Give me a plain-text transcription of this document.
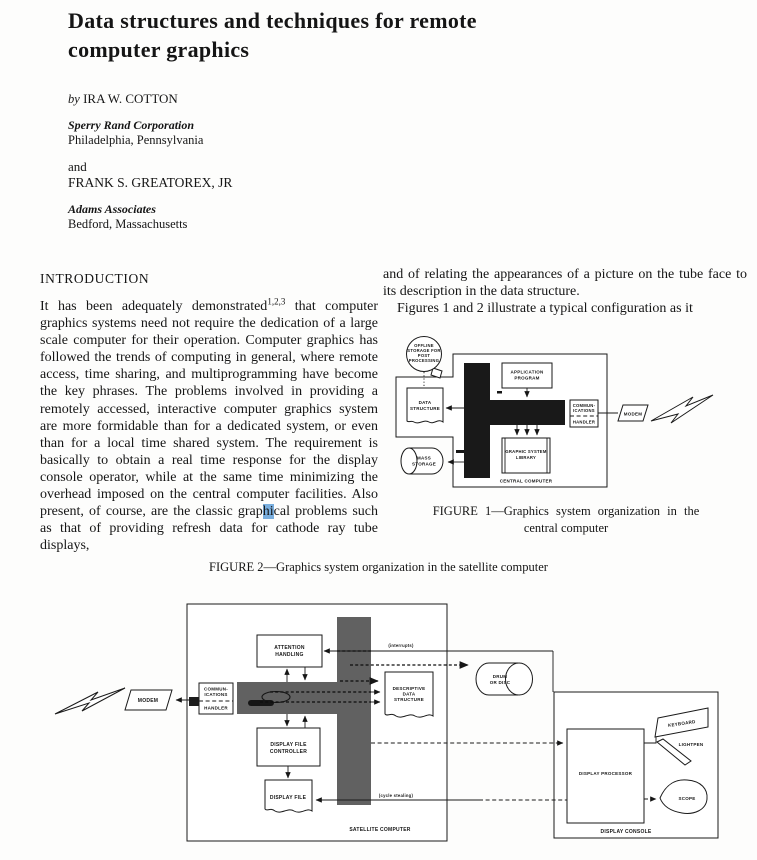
Data structures and techniques for remote
computer graphics
by IRA W. COTTON
Sperry Rand Corporation
Philadelphia, Pennsylvania
and
FRANK S. GREATOREX, JR
Adams Associates
Bedford, Massachusetts
INTRODUCTION

It has been adequately demonstrated$^{1,2,3}$ that computer graphics systems need not require the dedication of a large scale computer for their operation. Computer graphics has followed the trends of computing in general, where remote access, time sharing, and multiprogramming have become the key phrases. The problems involved in providing a remotely accessed, interactive computer graphics system are more formidable than for a dedicated system, or even than for a local time shared system. The requirement is basically to obtain a real time response for the display console operator, while at the same time minimizing the overhead imposed on the central computer facilities. Also present, of course, are the classic graphical problems such as that of providing refresh data for cathode ray tube displays,

and of relating the appearances of a picture on the tube face to its description in the data structure.

Figures 1 and 2 illustrate a typical configuration as it

OFFLINE
STORAGE FOR
POST
PROCESSING
DATA
STRUCTURE
APPLICATION
PROGRAM
COMMUN-
ICATIONS
HANDLER
MODEM
GRAPHIC SYSTEM
LIBRARY
MASS
STORAGE
CENTRAL COMPUTER
FIGURE 1—Graphics system organization in the
central computer
FIGURE 2—Graphics system organization in the satellite computer
MODEM
COMMUN-
ICATIONS
HANDLER
ATTENTION
HANDLING
(interrupts)
DESCRIPTIVE
DATA
STRUCTURE
DRUM
OR DISC
DISPLAY FILE
CONTROLLER
DISPLAY FILE	(cycle stealing)
DISPLAY PROCESSOR
KEYBOARD
LIGHTPEN
SCOPE
SATELLITE COMPUTER	DISPLAY CONSOLE
